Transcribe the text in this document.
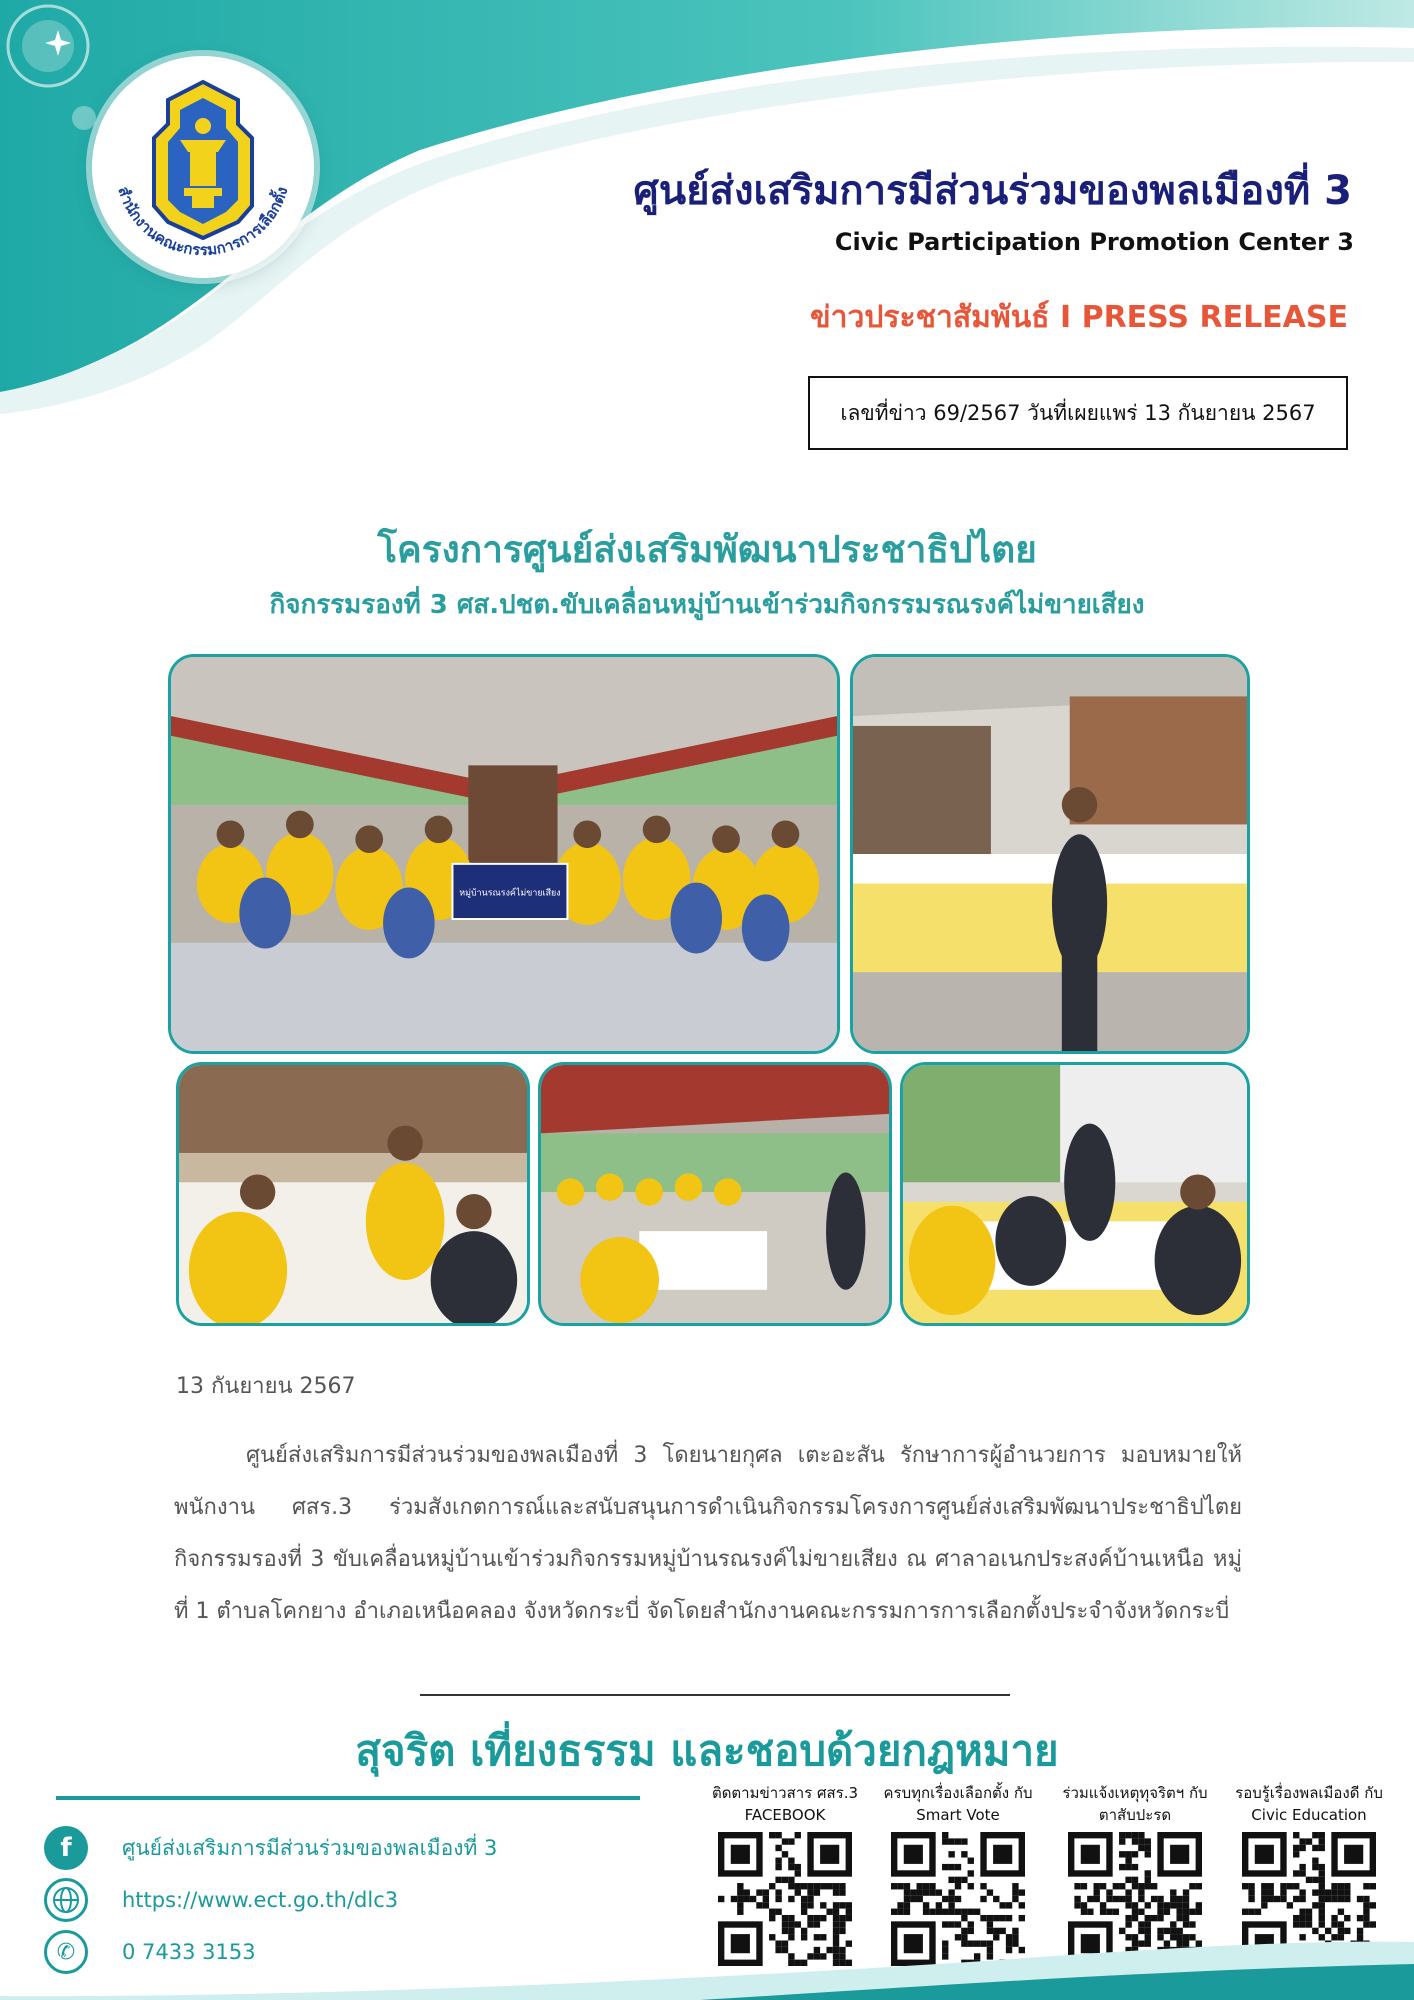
สำนักงานคณะกรรมการการเลือกตั้ง	ศูนย์ส่งเสริมการมีส่วนร่วมของพลเมืองที่ 3
Civic Participation Promotion Center 3
ข่าวประชาสัมพันธ์ I PRESS RELEASE
เลขที่ข่าว 69/2567 วันที่เผยแพร่ 13 กันยายน 2567
โครงการศูนย์ส่งเสริมพัฒนาประชาธิปไตย
กิจกรรมรองที่ 3 ศส.ปชต.ขับเคลื่อนหมู่บ้านเข้าร่วมกิจกรรมรณรงค์ไม่ขายเสียง
หมู่บ้านรณรงค์ไม่ขายเสียง
13 กันยายน 2567

ศูนย์ส่งเสริมการมีส่วนร่วมของพลเมืองที่ 3 โดยนายกุศล เตะอะสัน รักษาการผู้อำนวยการ มอบหมายให้พนักงาน ศสร.3 ร่วมสังเกตการณ์และสนับสนุนการดำเนินกิจกรรมโครงการศูนย์ส่งเสริมพัฒนาประชาธิปไตย กิจกรรมรองที่ 3 ขับเคลื่อนหมู่บ้านเข้าร่วมกิจกรรมหมู่บ้านรณรงค์ไม่ขายเสียง ณ ศาลาอเนกประสงค์บ้านเหนือ หมู่ที่ 1 ตำบลโคกยาง อำเภอเหนือคลอง จังหวัดกระบี่ จัดโดยสำนักงานคณะกรรมการการเลือกตั้งประจำจังหวัดกระบี่

สุจริต เที่ยงธรรม และชอบด้วยกฎหมาย
f ศูนย์ส่งเสริมการมีส่วนร่วมของพลเมืองที่ 3
https://www.ect.go.th/dlc3
✆ 0 7433 3153
ติดตามข่าวสาร ศสร.3
FACEBOOK
ครบทุกเรื่องเลือกตั้ง กับ
Smart Vote
ร่วมแจ้งเหตุทุจริตฯ กับ
ตาสับปะรด
รอบรู้เรื่องพลเมืองดี กับ
Civic Education
